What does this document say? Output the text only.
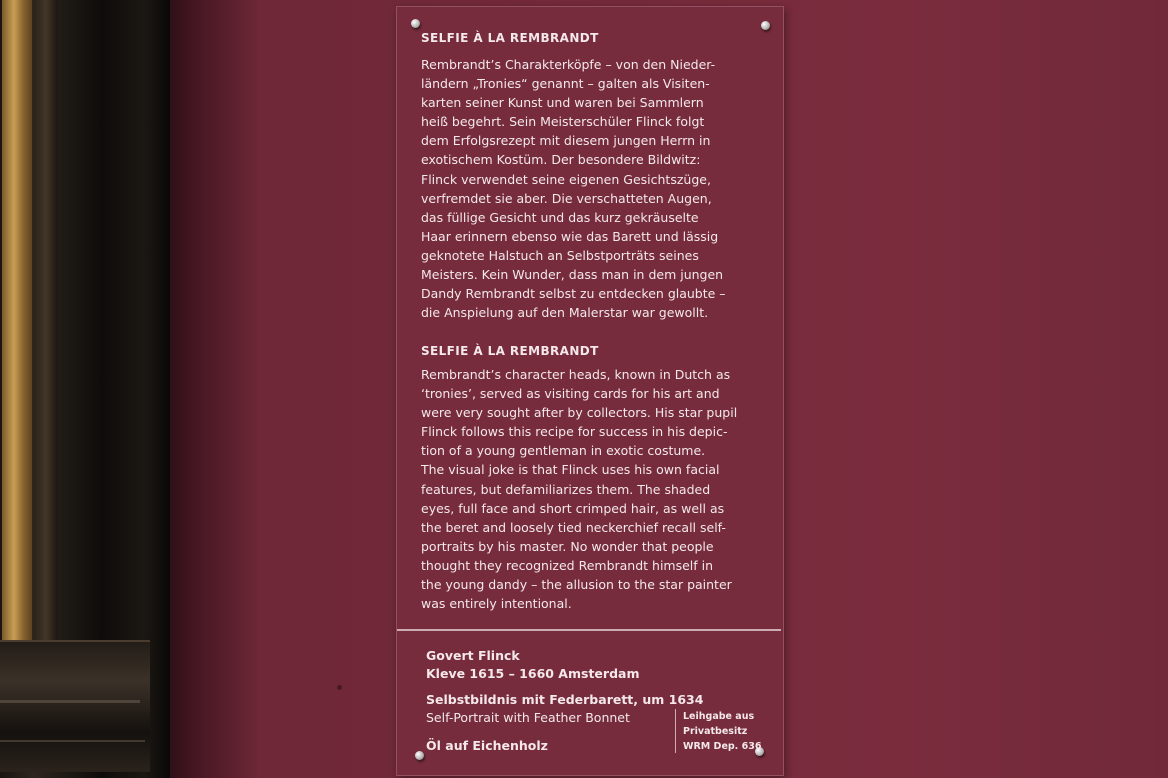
SELFIE À LA REMBRANDT
Rembrandt’s Charakterköpfe – von den Nieder-
ländern „Tronies“ genannt – galten als Visiten-
karten seiner Kunst und waren bei Sammlern
heiß begehrt. Sein Meisterschüler Flinck folgt
dem Erfolgsrezept mit diesem jungen Herrn in
exotischem Kostüm. Der besondere Bildwitz:
Flinck verwendet seine eigenen Gesichtszüge,
verfremdet sie aber. Die verschatteten Augen,
das füllige Gesicht und das kurz gekräuselte
Haar erinnern ebenso wie das Barett und lässig
geknotete Halstuch an Selbstporträts seines
Meisters. Kein Wunder, dass man in dem jungen
Dandy Rembrandt selbst zu entdecken glaubte –
die Anspielung auf den Malerstar war gewollt.
SELFIE À LA REMBRANDT
Rembrandt’s character heads, known in Dutch as
‘tronies’, served as visiting cards for his art and
were very sought after by collectors. His star pupil
Flinck follows this recipe for success in his depic-
tion of a young gentleman in exotic costume.
The visual joke is that Flinck uses his own facial
features, but defamiliarizes them. The shaded
eyes, full face and short crimped hair, as well as
the beret and loosely tied neckerchief recall self-
portraits by his master. No wonder that people
thought they recognized Rembrandt himself in
the young dandy – the allusion to the star painter
was entirely intentional.
Govert Flinck
Kleve 1615 – 1660 Amsterdam
Selbstbildnis mit Federbarett, um 1634
Self-Portrait with Feather Bonnet
Öl auf Eichenholz
Leihgabe aus
Privatbesitz
WRM Dep. 636
